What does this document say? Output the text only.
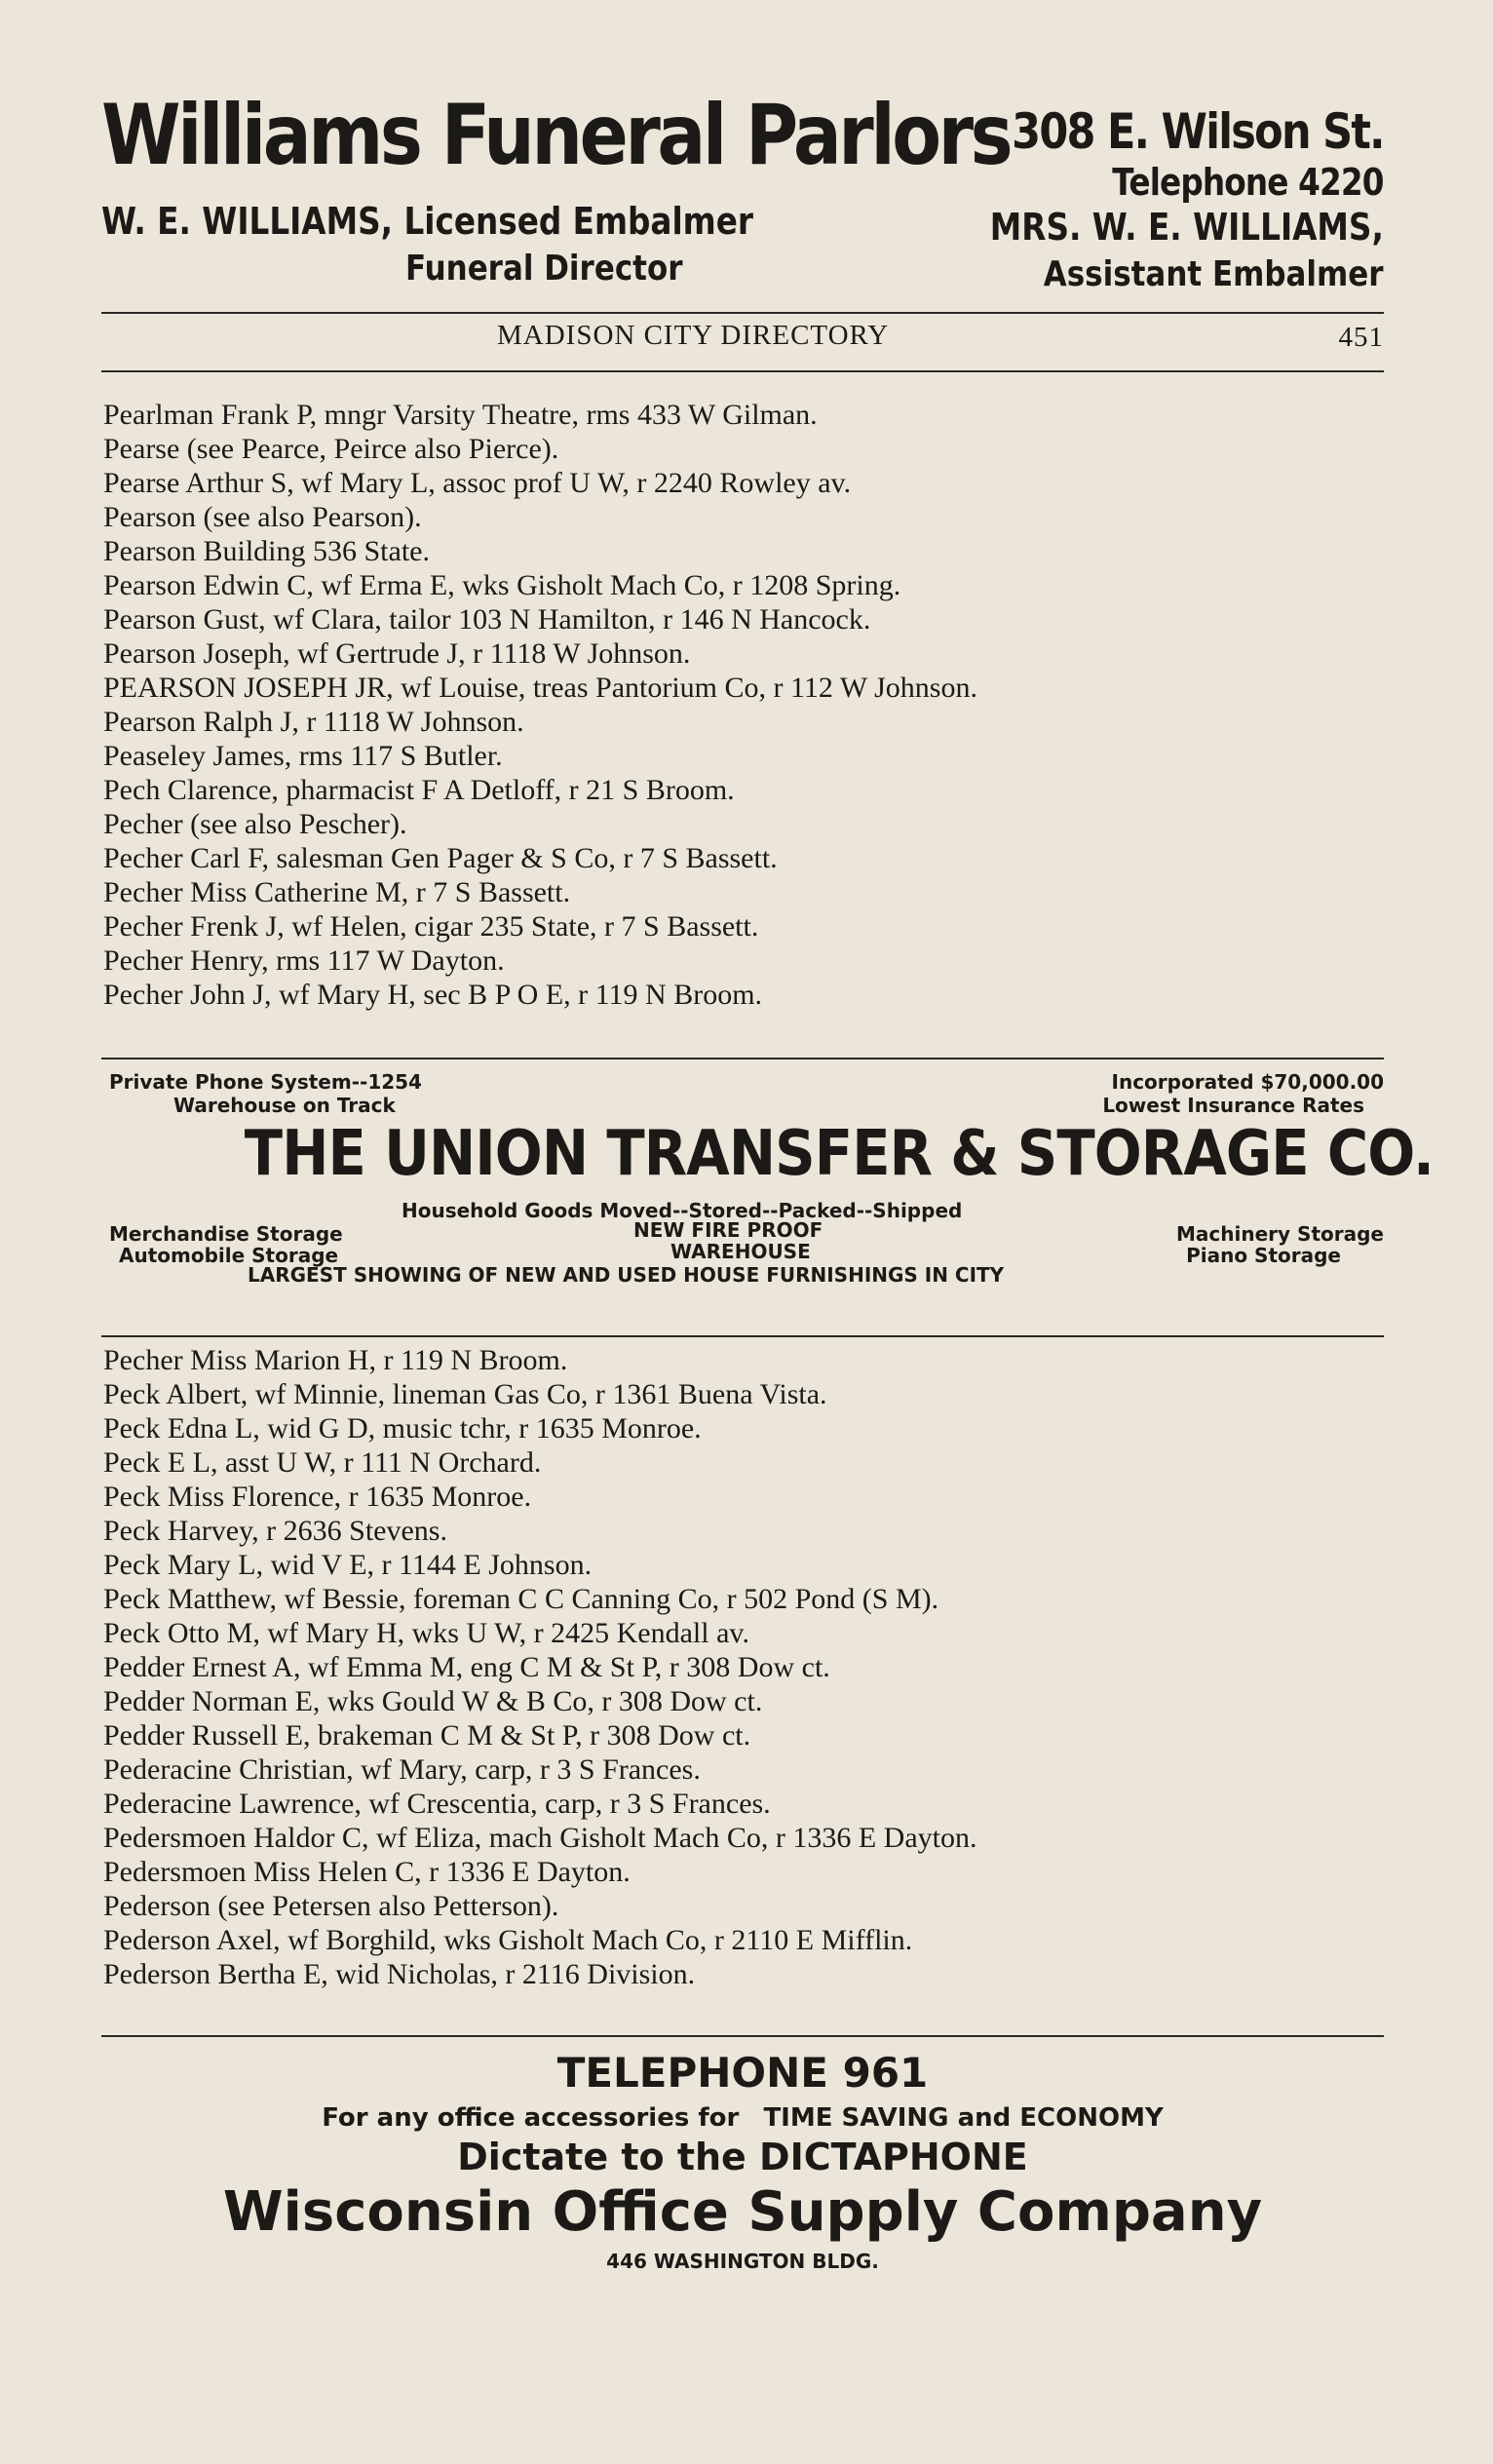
Williams Funeral Parlors 308 E. Wilson St.
Telephone 4220
W. E. WILLIAMS, Licensed Embalmer
Funeral Director
MRS. W. E. WILLIAMS,
Assistant Embalmer
MADISON CITY DIRECTORY	451
Pearlman Frank P, mngr Varsity Theatre, rms 433 W Gilman.
Pearse (see Pearce, Peirce also Pierce).
Pearse Arthur S, wf Mary L, assoc prof U W, r 2240 Rowley av.
Pearson (see also Pearson).
Pearson Building 536 State.
Pearson Edwin C, wf Erma E, wks Gisholt Mach Co, r 1208 Spring.
Pearson Gust, wf Clara, tailor 103 N Hamilton, r 146 N Hancock.
Pearson Joseph, wf Gertrude J, r 1118 W Johnson.
PEARSON JOSEPH JR, wf Louise, treas Pantorium Co, r 112 W Johnson.
Pearson Ralph J, r 1118 W Johnson.
Peaseley James, rms 117 S Butler.
Pech Clarence, pharmacist F A Detloff, r 21 S Broom.
Pecher (see also Pescher).
Pecher Carl F, salesman Gen Pager & S Co, r 7 S Bassett.
Pecher Miss Catherine M, r 7 S Bassett.
Pecher Frenk J, wf Helen, cigar 235 State, r 7 S Bassett.
Pecher Henry, rms 117 W Dayton.
Pecher John J, wf Mary H, sec B P O E, r 119 N Broom.
Private Phone System--1254
Warehouse on Track
Incorporated $70,000.00
Lowest Insurance Rates
THE UNION TRANSFER & STORAGE CO.
Household Goods Moved--Stored--Packed--Shipped
Merchandise Storage	NEW FIRE PROOF	Machinery Storage
Automobile Storage	WAREHOUSE	Piano Storage
LARGEST SHOWING OF NEW AND USED HOUSE FURNISHINGS IN CITY
Pecher Miss Marion H, r 119 N Broom.
Peck Albert, wf Minnie, lineman Gas Co, r 1361 Buena Vista.
Peck Edna L, wid G D, music tchr, r 1635 Monroe.
Peck E L, asst U W, r 111 N Orchard.
Peck Miss Florence, r 1635 Monroe.
Peck Harvey, r 2636 Stevens.
Peck Mary L, wid V E, r 1144 E Johnson.
Peck Matthew, wf Bessie, foreman C C Canning Co, r 502 Pond (S M).
Peck Otto M, wf Mary H, wks U W, r 2425 Kendall av.
Pedder Ernest A, wf Emma M, eng C M & St P, r 308 Dow ct.
Pedder Norman E, wks Gould W & B Co, r 308 Dow ct.
Pedder Russell E, brakeman C M & St P, r 308 Dow ct.
Pederacine Christian, wf Mary, carp, r 3 S Frances.
Pederacine Lawrence, wf Crescentia, carp, r 3 S Frances.
Pedersmoen Haldor C, wf Eliza, mach Gisholt Mach Co, r 1336 E Dayton.
Pedersmoen Miss Helen C, r 1336 E Dayton.
Pederson (see Petersen also Petterson).
Pederson Axel, wf Borghild, wks Gisholt Mach Co, r 2110 E Mifflin.
Pederson Bertha E, wid Nicholas, r 2116 Division.
TELEPHONE 961
For any office accessories for TIME SAVING and ECONOMY
Dictate to the DICTAPHONE
Wisconsin Office Supply Company
446 WASHINGTON BLDG.
